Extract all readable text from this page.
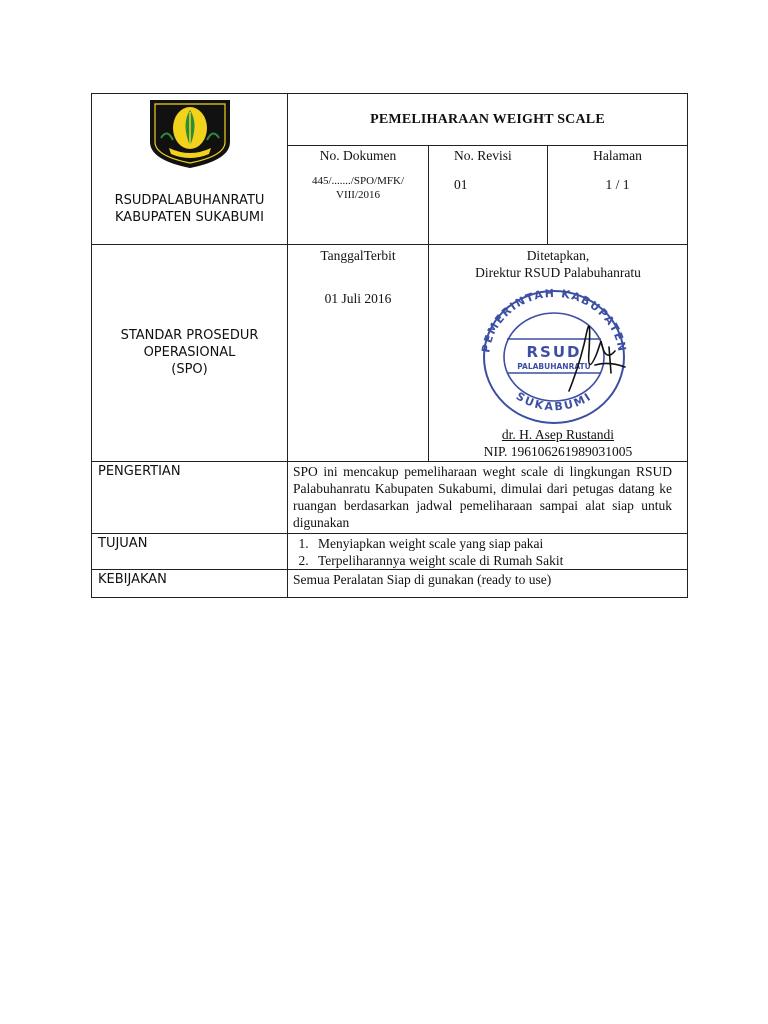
RSUDPALABUHANRATU
KABUPATEN SUKABUMI
PEMELIHARAAN WEIGHT SCALE
No. Dokumen
445/......./SPO/MFK/
VIII/2016
No. Revisi
01
Halaman
1 / 1
STANDAR PROSEDUR
OPERASIONAL
(SPO)
TanggalTerbit
01 Juli 2016
Ditetapkan,
Direktur RSUD Palabuhanratu
PEMERINTAH KABUPATEN
SUKABUMI
RSUD
PALABUHANRATU
dr. H. Asep Rustandi
NIP. 196106261989031005
PENGERTIAN	SPO ini mencakup pemeliharaan weght scale di lingkungan RSUD Palabuhanratu Kabupaten Sukabumi, dimulai dari petugas datang ke ruangan berdasarkan jadwal pemeliharaan sampai alat siap untuk digunakan
TUJUAN
1.	Menyiapkan weight scale yang siap pakai
2. Terpeliharannya weight scale di Rumah Sakit
KEBIJAKAN	Semua Peralatan Siap di gunakan (ready to use)
